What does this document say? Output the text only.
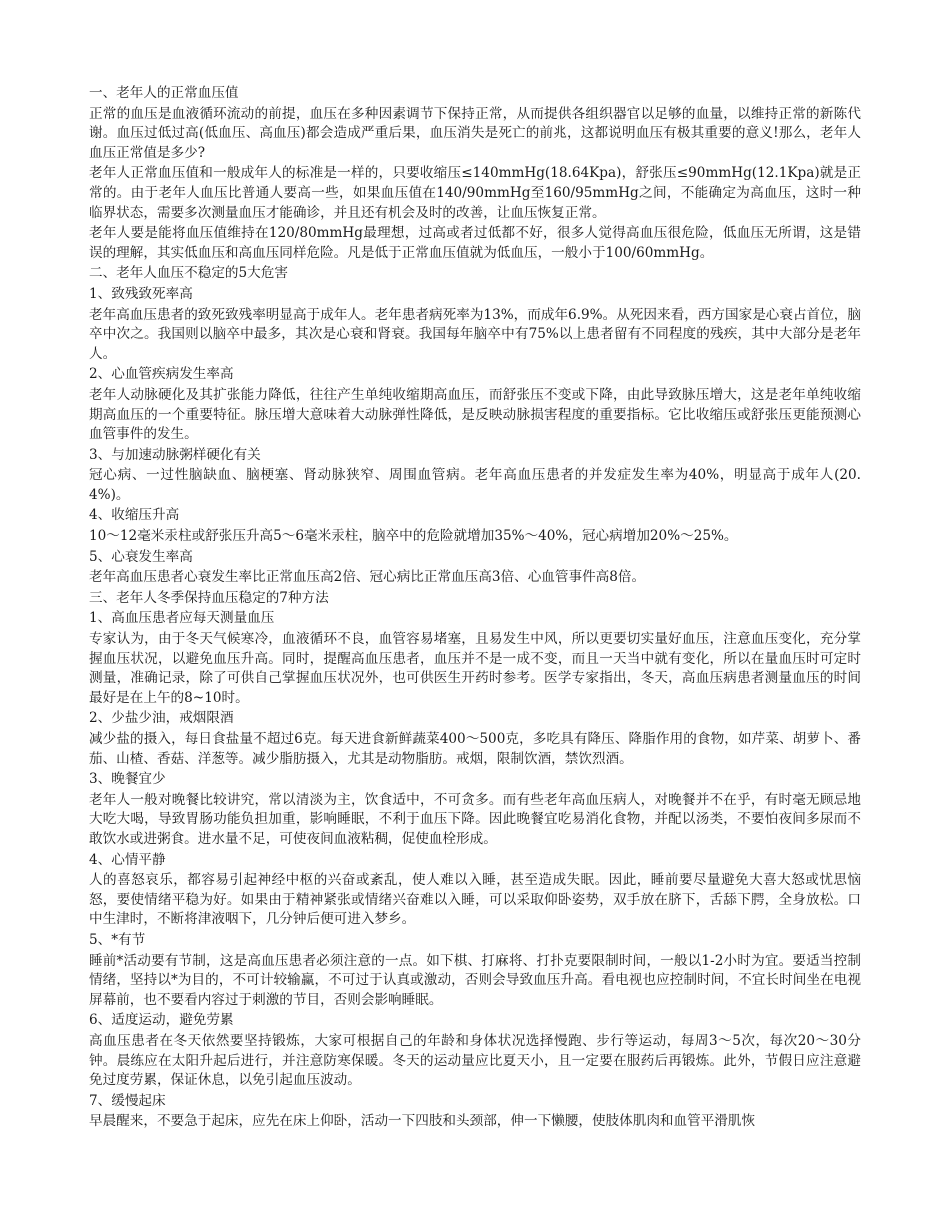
一、老年人的正常血压值

正常的血压是血液循环流动的前提，血压在多种因素调节下保持正常，从而提供各组织器官以足够的血量，以维持正常的新陈代谢。血压过低过高(低血压、高血压)都会造成严重后果，血压消失是死亡的前兆，这都说明血压有极其重要的意义!那么，老年人血压正常值是多少?

老年人正常血压值和一般成年人的标准是一样的，只要收缩压≤140mmHg(18.64Kpa)，舒张压≤90mmHg(12.1Kpa)就是正常的。由于老年人血压比普通人要高一些，如果血压值在140/90mmHg至160/95mmHg之间，不能确定为高血压，这时一种临界状态，需要多次测量血压才能确诊，并且还有机会及时的改善，让血压恢复正常。

老年人要是能将血压值维持在120/80mmHg最理想，过高或者过低都不好，很多人觉得高血压很危险，低血压无所谓，这是错误的理解，其实低血压和高血压同样危险。凡是低于正常血压值就为低血压，一般小于100/60mmHg。

二、老年人血压不稳定的5大危害

1、致残致死率高

老年高血压患者的致死致残率明显高于成年人。老年患者病死率为13%，而成年6.9%。从死因来看，西方国家是心衰占首位，脑卒中次之。我国则以脑卒中最多，其次是心衰和肾衰。我国每年脑卒中有75%以上患者留有不同程度的残疾，其中大部分是老年人。

2、心血管疾病发生率高

老年人动脉硬化及其扩张能力降低，往往产生单纯收缩期高血压，而舒张压不变或下降，由此导致脉压增大，这是老年单纯收缩期高血压的一个重要特征。脉压增大意味着大动脉弹性降低，是反映动脉损害程度的重要指标。它比收缩压或舒张压更能预测心血管事件的发生。

3、与加速动脉粥样硬化有关

冠心病、一过性脑缺血、脑梗塞、肾动脉狭窄、周围血管病。老年高血压患者的并发症发生率为40%，明显高于成年人(20.4%)。

4、收缩压升高

10～12毫米汞柱或舒张压升高5～6毫米汞柱，脑卒中的危险就增加35%～40%，冠心病增加20%～25%。

5、心衰发生率高

老年高血压患者心衰发生率比正常血压高2倍、冠心病比正常血压高3倍、心血管事件高8倍。

三、老年人冬季保持血压稳定的7种方法

1、高血压患者应每天测量血压

专家认为，由于冬天气候寒冷，血液循环不良，血管容易堵塞，且易发生中风，所以更要切实量好血压，注意血压变化，充分掌握血压状况，以避免血压升高。同时，提醒高血压患者，血压并不是一成不变，而且一天当中就有变化，所以在量血压时可定时测量，准确记录，除了可供自己掌握血压状况外，也可供医生开药时参考。医学专家指出，冬天，高血压病患者测量血压的时间最好是在上午的8~10时。

2、少盐少油，戒烟限酒

减少盐的摄入，每日食盐量不超过6克。每天进食新鲜蔬菜400～500克，多吃具有降压、降脂作用的食物，如芹菜、胡萝卜、番茄、山楂、香菇、洋葱等。减少脂肪摄入，尤其是动物脂肪。戒烟，限制饮酒，禁饮烈酒。

3、晚餐宜少

老年人一般对晚餐比较讲究，常以清淡为主，饮食适中，不可贪多。而有些老年高血压病人，对晚餐并不在乎，有时毫无顾忌地大吃大喝，导致胃肠功能负担加重，影响睡眠，不利于血压下降。因此晚餐宜吃易消化食物，并配以汤类，不要怕夜间多尿而不敢饮水或进粥食。进水量不足，可使夜间血液粘稠，促使血栓形成。

4、心情平静

人的喜怒哀乐，都容易引起神经中枢的兴奋或紊乱，使人难以入睡，甚至造成失眠。因此，睡前要尽量避免大喜大怒或忧思恼怒，要使情绪平稳为好。如果由于精神紧张或情绪兴奋难以入睡，可以采取仰卧姿势，双手放在脐下，舌舔下腭，全身放松。口中生津时，不断将津液咽下，几分钟后便可进入梦乡。

5、*有节

睡前*活动要有节制，这是高血压患者必须注意的一点。如下棋、打麻将、打扑克要限制时间，一般以1-2小时为宜。要适当控制情绪，坚持以*为目的，不可计较输赢，不可过于认真或激动，否则会导致血压升高。看电视也应控制时间，不宜长时间坐在电视屏幕前，也不要看内容过于刺激的节目，否则会影响睡眠。

6、适度运动，避免劳累

高血压患者在冬天依然要坚持锻炼，大家可根据自己的年龄和身体状况选择慢跑、步行等运动，每周3～5次，每次20～30分钟。晨练应在太阳升起后进行，并注意防寒保暖。冬天的运动量应比夏天小，且一定要在服药后再锻炼。此外，节假日应注意避免过度劳累，保证休息，以免引起血压波动。

7、缓慢起床

早晨醒来，不要急于起床，应先在床上仰卧，活动一下四肢和头颈部，伸一下懒腰，使肢体肌肉和血管平滑肌恢
